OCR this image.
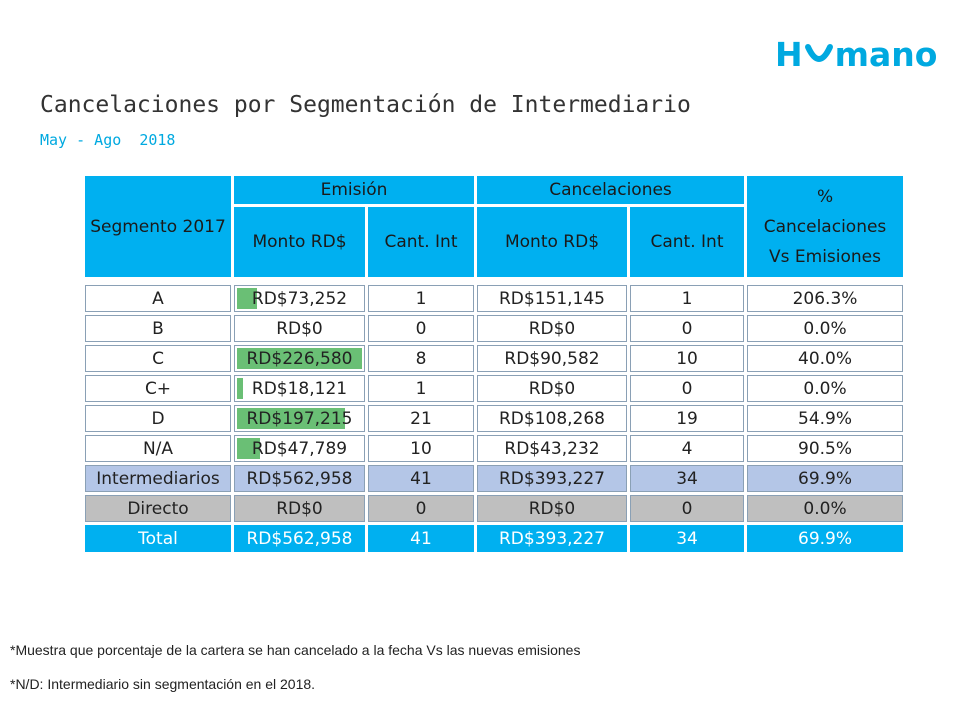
H mano
Cancelaciones por Segmentación de Intermediario
May - Ago  2018
Segmento 2017	Emisión		Cancelaciones		% Cancelaciones Vs Emisiones
	Monto RD$	Cant. Int	Monto RD$	Cant. Int	

A	RD$73,252	1	RD$151,145	1	206.3%
B	RD$0	0	RD$0	0	0.0%
C	RD$226,580	8	RD$90,582	10	40.0%
C+	RD$18,121	1	RD$0	0	0.0%
D	RD$197,215	21	RD$108,268	19	54.9%
N/A	RD$47,789	10	RD$43,232	4	90.5%
Intermediarios	RD$562,958	41	RD$393,227	34	69.9%
Directo	RD$0	0	RD$0	0	0.0%
Total	RD$562,958	41	RD$393,227	34	69.9%
*Muestra que porcentaje de la cartera se han cancelado a la fecha Vs las nuevas emisiones
*N/D: Intermediario sin segmentación en el 2018.
